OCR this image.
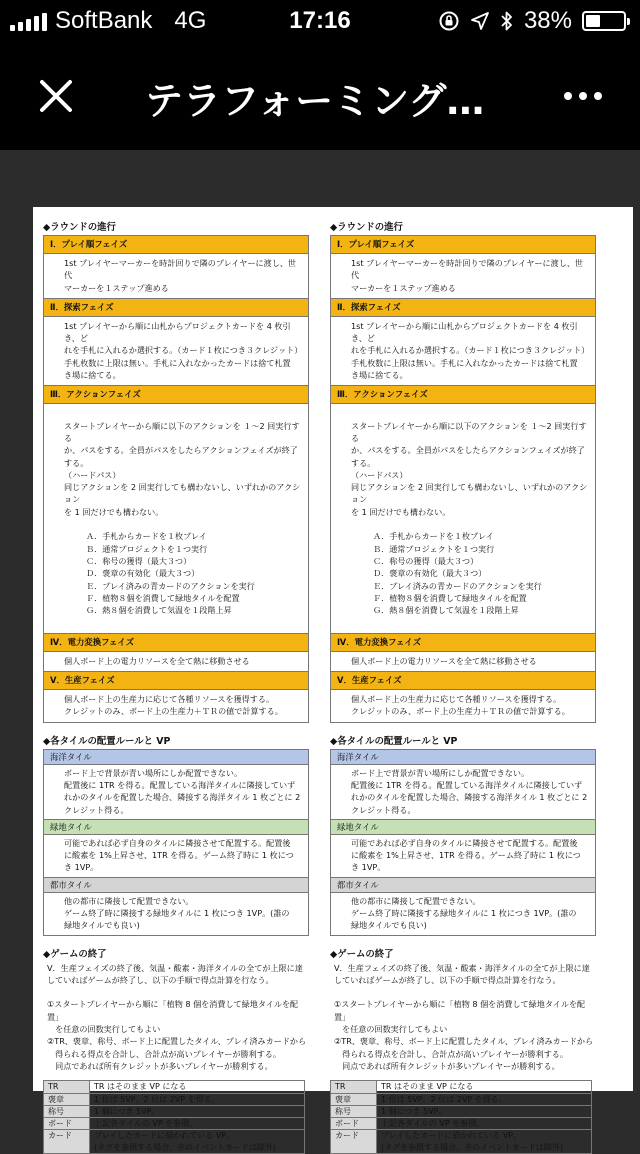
SoftBank 4G	17:16	38%
テラフォーミング…
◆ラウンドの進行
Ⅰ．プレイ順フェイズ
1st プレイヤーマーカーを時計回りで隣のプレイヤーに渡し、世代
マーカーを１ステップ進める
Ⅱ．探索フェイズ
1st プレイヤーから順に山札からプロジェクトカードを 4 枚引き、ど
れを手札に入れるか選択する。（カード１枚につき３クレジット）
手札枚数に上限は無い。手札に入れなかったカードは捨て札置
き場に捨てる。
Ⅲ．アクションフェイズ

スタートプレイヤーから順に以下のアクションを １～2 回実行する
か、パスをする。全員がパスをしたらアクションフェイズが終了する。
（ハードパス）
同じアクションを 2 回実行しても構わないし、いずれかのアクション
を 1 回だけでも構わない。

Ａ．手札からカードを１枚プレイ
Ｂ．通常プロジェクトを１つ実行
Ｃ．称号の獲得（最大３つ）
Ｄ．褒章の有効化（最大３つ）
Ｅ．プレイ済みの青カードのアクションを実行
Ｆ．植物８個を消費して緑地タイルを配置
Ｇ．熱８個を消費して気温を１段階上昇

Ⅳ．電力変換フェイズ
個人ボード上の電力リソースを全て熱に移動させる
Ⅴ．生産フェイズ
個人ボード上の生産力に応じて各種リソースを獲得する。
クレジットのみ、ボード上の生産力＋ＴＲの値で計算する。
◆各タイルの配置ルールと VP
海洋タイル
ボード上で背景が青い場所にしか配置できない。
配置後に 1TR を得る。配置している海洋タイルに隣接していず
れかのタイルを配置した場合、隣接する海洋タイル 1 枚ごとに 2
クレジット得る。
緑地タイル
可能であれば必ず自身のタイルに隣接させて配置する。配置後
に酸素を 1%上昇させ、1TR を得る。ゲーム終了時に 1 枚につ
き 1VP。
都市タイル
他の都市に隣接して配置できない。
ゲーム終了時に隣接する緑地タイルに 1 枚につき 1VP。(誰の
緑地タイルでも良い)
◆ゲームの終了
Ⅴ．生産フェイズの終了後、気温・酸素・海洋タイルの全てが上限に達
していればゲームが終了し、以下の手順で得点計算を行なう。

①スタートプレイヤーから順に「植物 8 個を消費して緑地タイルを配置」
　を任意の回数実行してもよい
②TR、褒章、称号、ボード上に配置したタイル、プレイ済みカードから
　得られる得点を合計し、合計点が高いプレイヤーが勝利する。
　同点であれば所有クレジットが多いプレイヤーが勝利する。
TR	TR はそのまま VP になる
褒章	1 位は 5VP、2 位は 2VP を得る。
称号	1 個につき 5VP。
ボード	上記各タイルの VP を参照。
カード	プレイしたカードに描かれている VP。
(タグを参照する場合、赤のイベントカードは除外)
◆ラウンドの進行
Ⅰ．プレイ順フェイズ
1st プレイヤーマーカーを時計回りで隣のプレイヤーに渡し、世代
マーカーを１ステップ進める
Ⅱ．探索フェイズ
1st プレイヤーから順に山札からプロジェクトカードを 4 枚引き、ど
れを手札に入れるか選択する。（カード１枚につき３クレジット）
手札枚数に上限は無い。手札に入れなかったカードは捨て札置
き場に捨てる。
Ⅲ．アクションフェイズ

スタートプレイヤーから順に以下のアクションを １～2 回実行する
か、パスをする。全員がパスをしたらアクションフェイズが終了する。
（ハードパス）
同じアクションを 2 回実行しても構わないし、いずれかのアクション
を 1 回だけでも構わない。

Ａ．手札からカードを１枚プレイ
Ｂ．通常プロジェクトを１つ実行
Ｃ．称号の獲得（最大３つ）
Ｄ．褒章の有効化（最大３つ）
Ｅ．プレイ済みの青カードのアクションを実行
Ｆ．植物８個を消費して緑地タイルを配置
Ｇ．熱８個を消費して気温を１段階上昇

Ⅳ．電力変換フェイズ
個人ボード上の電力リソースを全て熱に移動させる
Ⅴ．生産フェイズ
個人ボード上の生産力に応じて各種リソースを獲得する。
クレジットのみ、ボード上の生産力＋ＴＲの値で計算する。
◆各タイルの配置ルールと VP
海洋タイル
ボード上で背景が青い場所にしか配置できない。
配置後に 1TR を得る。配置している海洋タイルに隣接していず
れかのタイルを配置した場合、隣接する海洋タイル 1 枚ごとに 2
クレジット得る。
緑地タイル
可能であれば必ず自身のタイルに隣接させて配置する。配置後
に酸素を 1%上昇させ、1TR を得る。ゲーム終了時に 1 枚につ
き 1VP。
都市タイル
他の都市に隣接して配置できない。
ゲーム終了時に隣接する緑地タイルに 1 枚につき 1VP。(誰の
緑地タイルでも良い)
◆ゲームの終了
Ⅴ．生産フェイズの終了後、気温・酸素・海洋タイルの全てが上限に達
していればゲームが終了し、以下の手順で得点計算を行なう。

①スタートプレイヤーから順に「植物 8 個を消費して緑地タイルを配置」
　を任意の回数実行してもよい
②TR、褒章、称号、ボード上に配置したタイル、プレイ済みカードから
　得られる得点を合計し、合計点が高いプレイヤーが勝利する。
　同点であれば所有クレジットが多いプレイヤーが勝利する。
TR	TR はそのまま VP になる
褒章	1 位は 5VP、2 位は 2VP を得る。
称号	1 個につき 5VP。
ボード	上記各タイルの VP を参照。
カード	プレイしたカードに描かれている VP。
(タグを参照する場合、赤のイベントカードは除外)
